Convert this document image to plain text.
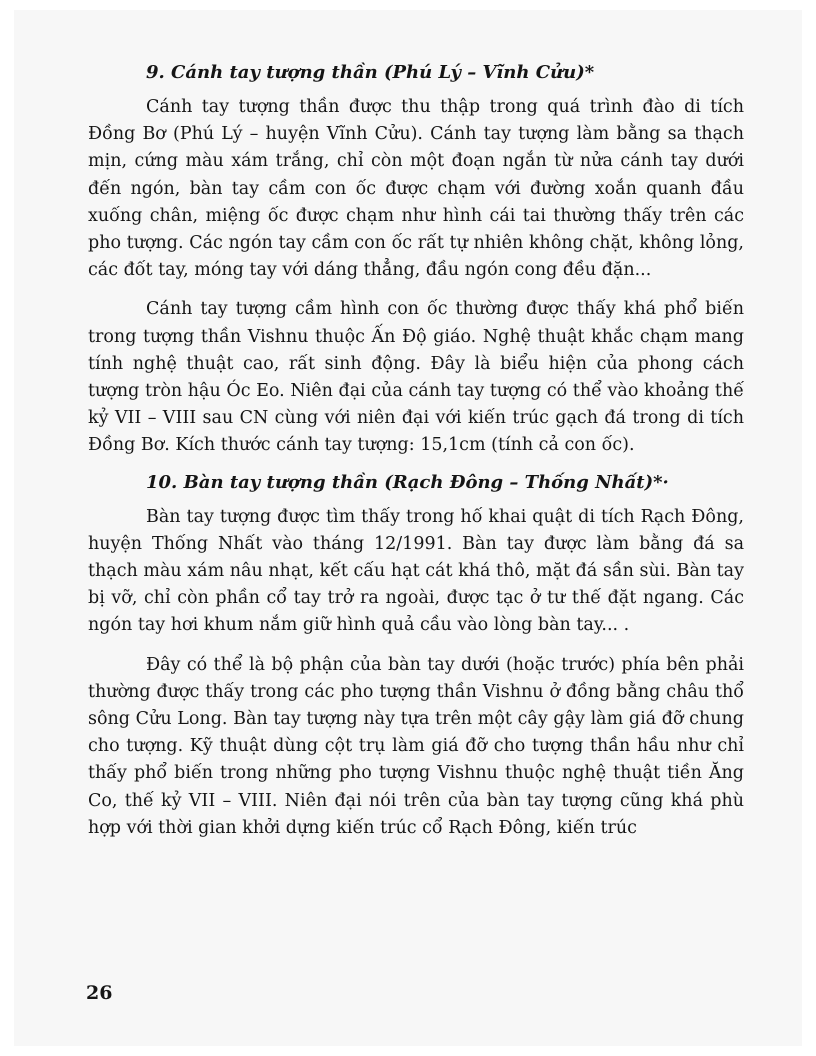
9. Cánh tay tượng thần (Phú Lý – Vĩnh Cửu)*

Cánh tay tượng thần được thu thập trong quá trình đào di tích Đồng Bơ (Phú Lý – huyện Vĩnh Cửu). Cánh tay tượng làm bằng sa thạch mịn, cứng màu xám trắng, chỉ còn một đoạn ngắn từ nửa cánh tay dưới đến ngón, bàn tay cầm con ốc được chạm với đường xoắn quanh đầu xuống chân, miệng ốc được chạm như hình cái tai thường thấy trên các pho tượng. Các ngón tay cầm con ốc rất tự nhiên không chặt, không lỏng, các đốt tay, móng tay với dáng thẳng, đầu ngón cong đều đặn...

Cánh tay tượng cầm hình con ốc thường được thấy khá phổ biến trong tượng thần Vishnu thuộc Ấn Độ giáo. Nghệ thuật khắc chạm mang tính nghệ thuật cao, rất sinh động. Đây là biểu hiện của phong cách tượng tròn hậu Óc Eo. Niên đại của cánh tay tượng có thể vào khoảng thế kỷ VII – VIII sau CN cùng với niên đại với kiến trúc gạch đá trong di tích Đồng Bơ. Kích thước cánh tay tượng: 15,1cm (tính cả con ốc).

10. Bàn tay tượng thần (Rạch Đông – Thống Nhất)*·

Bàn tay tượng được tìm thấy trong hố khai quật di tích Rạch Đông, huyện Thống Nhất vào tháng 12/1991. Bàn tay được làm bằng đá sa thạch màu xám nâu nhạt, kết cấu hạt cát khá thô, mặt đá sần sùi. Bàn tay bị vỡ, chỉ còn phần cổ tay trở ra ngoài, được tạc ở tư thế đặt ngang. Các ngón tay hơi khum nắm giữ hình quả cầu vào lòng bàn tay... .

Đây có thể là bộ phận của bàn tay dưới (hoặc trước) phía bên phải thường được thấy trong các pho tượng thần Vishnu ở đồng bằng châu thổ sông Cửu Long. Bàn tay tượng này tựa trên một cây gậy làm giá đỡ chung cho tượng. Kỹ thuật dùng cột trụ làm giá đỡ cho tượng thần hầu như chỉ thấy phổ biến trong những pho tượng Vishnu thuộc nghệ thuật tiền Ăng Co, thế kỷ VII – VIII. Niên đại nói trên của bàn tay tượng cũng khá phù hợp với thời gian khởi dựng kiến trúc cổ Rạch Đông, kiến trúc

26
